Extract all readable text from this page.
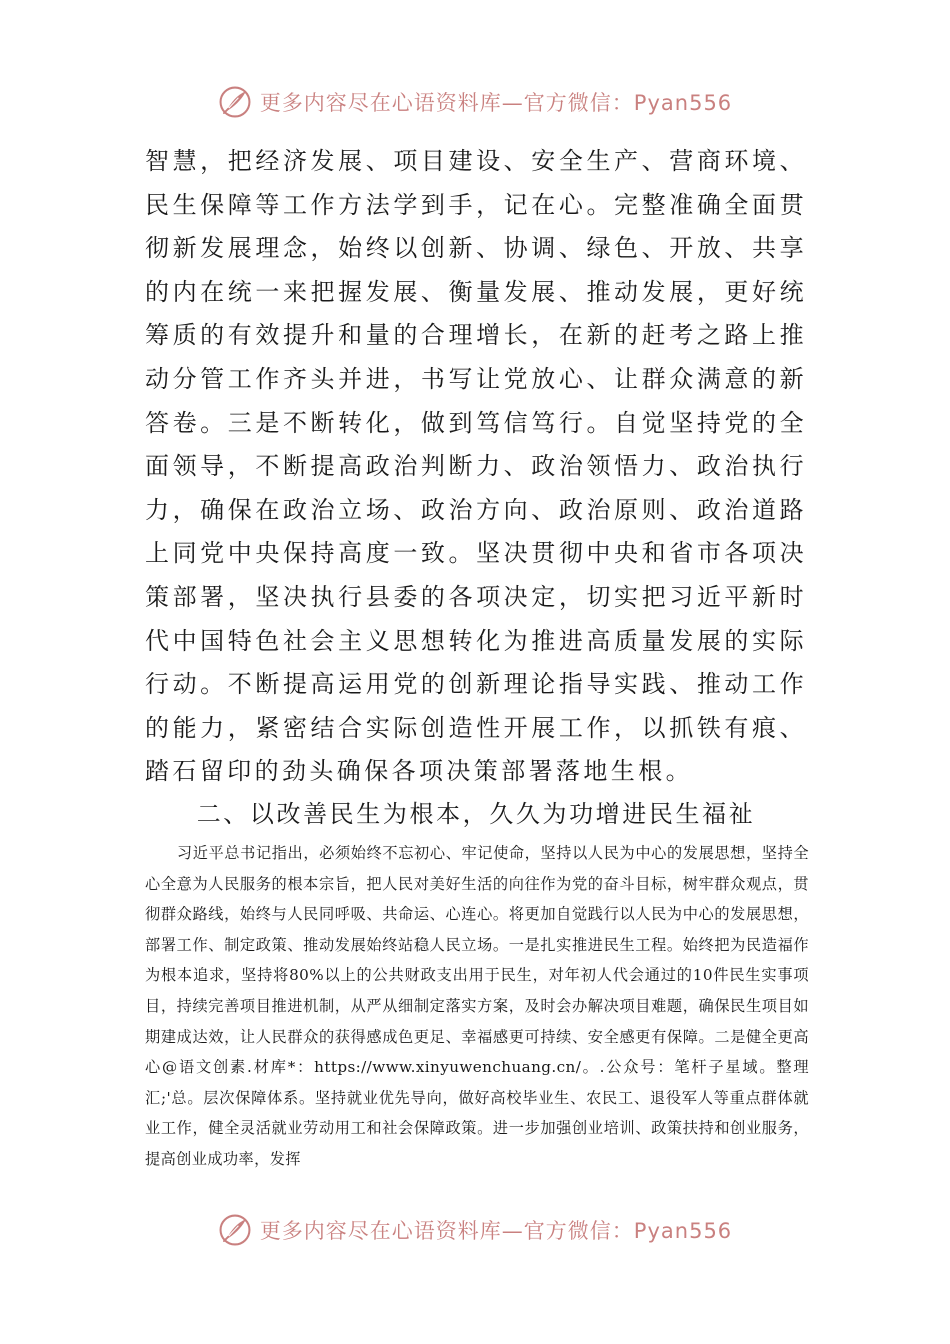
更多内容尽在心语资料库—官方微信：Pyan556

智慧，把经济发展、项目建设、安全生产、营商环境、民生保障等工作方法学到手，记在心。完整准确全面贯彻新发展理念，始终以创新、协调、绿色、开放、共享的内在统一来把握发展、衡量发展、推动发展，更好统筹质的有效提升和量的合理增长，在新的赶考之路上推动分管工作齐头并进，书写让党放心、让群众满意的新答卷。三是不断转化，做到笃信笃行。自觉坚持党的全面领导，不断提高政治判断力、政治领悟力、政治执行力，确保在政治立场、政治方向、政治原则、政治道路上同党中央保持高度一致。坚决贯彻中央和省市各项决策部署，坚决执行县委的各项决定，切实把习近平新时代中国特色社会主义思想转化为推进高质量发展的实际行动。不断提高运用党的创新理论指导实践、推动工作的能力，紧密结合实际创造性开展工作，以抓铁有痕、踏石留印的劲头确保各项决策部署落地生根。

二、以改善民生为根本，久久为功增进民生福祉

习近平总书记指出，必须始终不忘初心、牢记使命，坚持以人民为中心的发展思想，坚持全心全意为人民服务的根本宗旨，把人民对美好生活的向往作为党的奋斗目标，树牢群众观点，贯彻群众路线，始终与人民同呼吸、共命运、心连心。将更加自觉践行以人民为中心的发展思想，部署工作、制定政策、推动发展始终站稳人民立场。一是扎实推进民生工程。始终把为民造福作为根本追求，坚持将80%以上的公共财政支出用于民生，对年初人代会通过的10件民生实事项目，持续完善项目推进机制，从严从细制定落实方案，及时会办解决项目难题，确保民生项目如期建成达效，让人民群众的获得感成色更足、幸福感更可持续、安全感更有保障。二是健全更高心@语文创素.材库*：https://www.xinyuwenchuang.cn/。.公众号：笔杆子星域。整理汇;'总。层次保障体系。坚持就业优先导向，做好高校毕业生、农民工、退役军人等重点群体就业工作，健全灵活就业劳动用工和社会保障政策。进一步加强创业培训、政策扶持和创业服务，提高创业成功率，发挥

更多内容尽在心语资料库—官方微信：Pyan556
